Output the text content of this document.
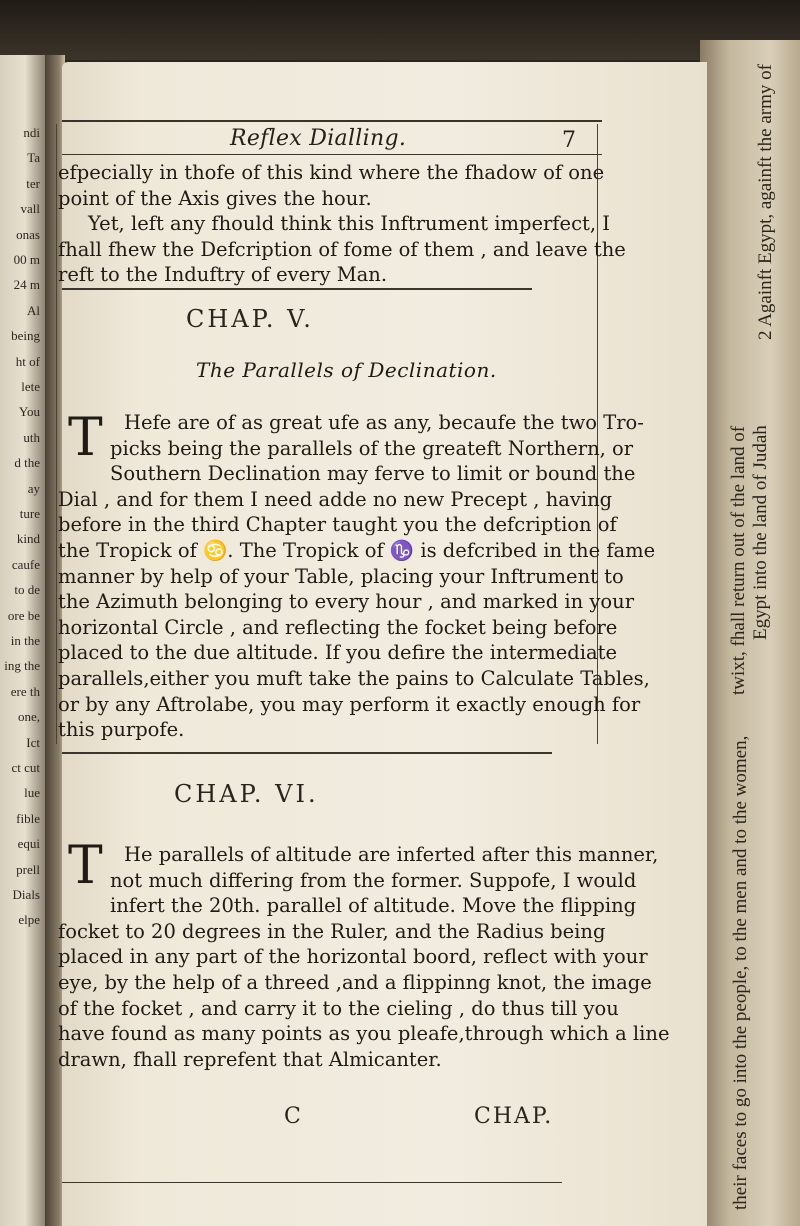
ndi
Ta
ter
vall
onas
00 m
24 m
Al
being
ht of
lete
You
uth
d the
ay
ture
kind
caufe
to de
ore be
in the
ing the
ere th
one,
Ict
ct cut
lue
fible
equi
prell
Dials
elpe
twixt, fhall return out of the land of Egypt into the land of Judah
2 Againft Egypt, againft the army of
their faces to go into the people, to the men and to the women,
Reflex Dialling.	7
efpecially in thofe of this kind where the fhadow of one
point of the Axis gives the hour.
Yet, left any fhould think this Inftrument imperfect, I
fhall fhew the Defcription of fome of them , and leave the
reft to the Induftry of every Man.
CHAP. V.
The Parallels of Declination.
T	Hefe are of as great ufe as any, becaufe the two Tro-
picks being the parallels of the greateft Northern, or
Southern Declination may ferve to limit or bound the
Dial , and for them I need adde no new Precept , having
before in the third Chapter taught you the defcription of
the Tropick of ♋. The Tropick of ♑ is defcribed in the fame
manner by help of your Table, placing your Inftrument to
the Azimuth belonging to every hour , and marked in your
horizontal Circle , and reflecting the focket being before
placed to the due altitude. If you defire the intermediate
parallels,either you muft take the pains to Calculate Tables,
or by any Aftrolabe, you may perform it exactly enough for
this purpofe.
CHAP. VI.
T	He parallels of altitude are inferted after this manner,
not much differing from the former. Suppofe, I would
infert the 20th. parallel of altitude. Move the flipping
focket to 20 degrees in the Ruler, and the Radius being
placed in any part of the horizontal boord, reflect with your
eye, by the help of a threed ,and a flippinng knot, the image
of the focket , and carry it to the cieling , do thus till you
have found as many points as you pleafe,through which a line
drawn, fhall reprefent that Almicanter.
C	CHAP.
